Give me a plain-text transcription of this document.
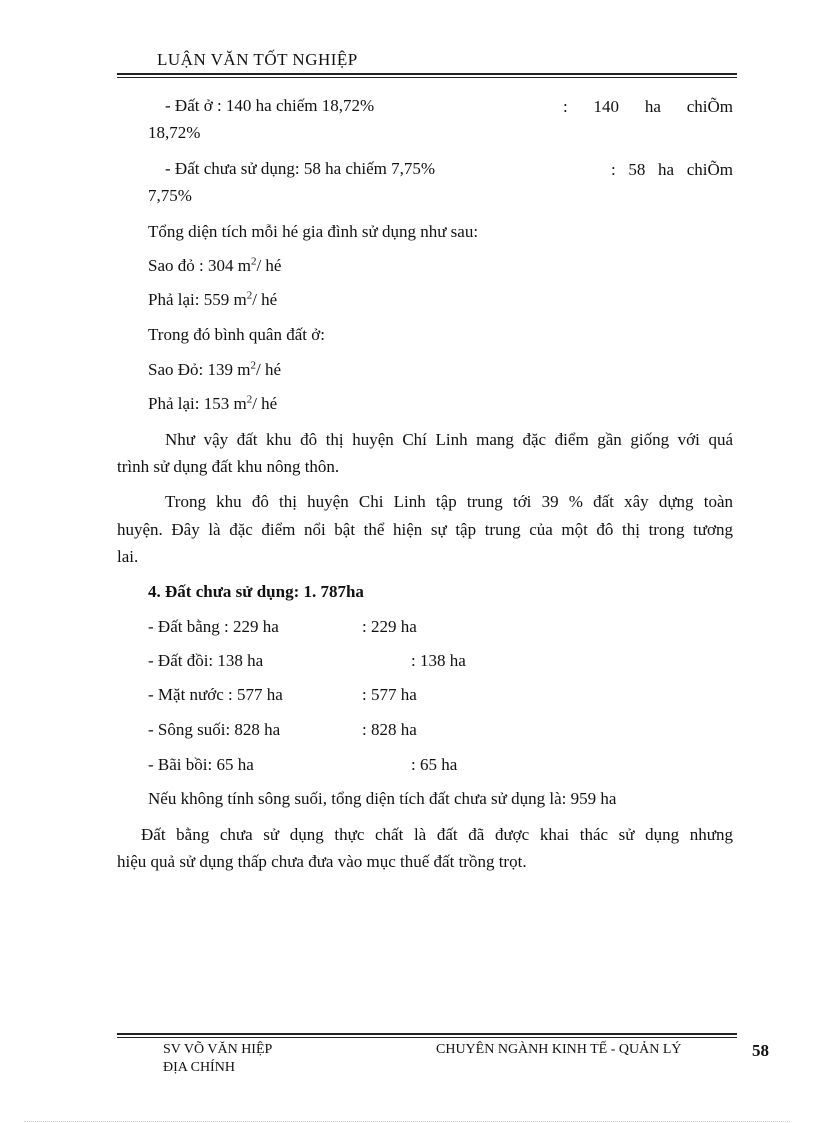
LUẬN VĂN TỐT NGHIỆP
- Đất ở : 140 ha chiếm 18,72%	: 140 ha chiÕm
18,72%
- Đất chưa sử dụng: 58 ha chiếm 7,75%	: 58 ha chiÕm
7,75%
Tổng diện tích mỗi hé gia đình sử dụng như sau:
Sao đỏ : 304 $m^2/$ hé
Phả lại: 559 $m^2/$ hé
Trong đó bình quân đất ở:
Sao Đỏ: 139 $m^2/$ hé
Phả lại: 153 $m^2/$ hé
Như vậy đất khu đô thị huyện Chí Linh mang đặc điểm gần giống với quá
trình sử dụng đất khu nông thôn.
Trong khu đô thị huyện Chi Linh tập trung tới 39 % đất xây dựng toàn
huyện. Đây là đặc điểm nổi bật thể hiện sự tập trung của một đô thị trong tương
lai.
4. Đất chưa sử dụng: 1. 787ha
- Đất bằng : 229 ha	: 229 ha
- Đất đồi: 138 ha	: 138 ha
- Mặt nước : 577 ha	: 577 ha
- Sông suối: 828 ha	: 828 ha
- Bãi bồi: 65 ha	: 65 ha
Nếu không tính sông suối, tổng diện tích đất chưa sử dụng là: 959 ha
Đất bằng chưa sử dụng thực chất là đất đã được khai thác sử dụng nhưng
hiệu quả sử dụng thấp chưa đưa vào mục thuế đất trồng trọt.
SV VÕ VĂN HIỆP
ĐỊA CHÍNH
CHUYÊN NGÀNH KINH TẾ - QUẢN LÝ	58
